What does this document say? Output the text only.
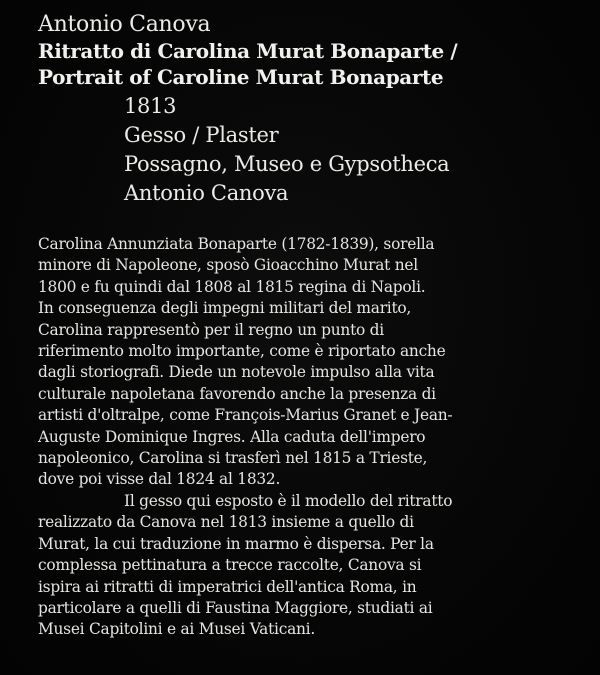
Antonio Canova
Ritratto di Carolina Murat Bonaparte /
Portrait of Caroline Murat Bonaparte
1813
Gesso / Plaster
Possagno, Museo e Gypsotheca
Antonio Canova
Carolina Annunziata Bonaparte (1782-1839), sorella
minore di Napoleone, sposò Gioacchino Murat nel
1800 e fu quindi dal 1808 al 1815 regina di Napoli.
In conseguenza degli impegni militari del marito,
Carolina rappresentò per il regno un punto di
riferimento molto importante, come è riportato anche
dagli storiografi. Diede un notevole impulso alla vita
culturale napoletana favorendo anche la presenza di
artisti d'oltralpe, come François-Marius Granet e Jean-
Auguste Dominique Ingres. Alla caduta dell'impero
napoleonico, Carolina si trasferì nel 1815 a Trieste,
dove poi visse dal 1824 al 1832.
Il gesso qui esposto è il modello del ritratto
realizzato da Canova nel 1813 insieme a quello di
Murat, la cui traduzione in marmo è dispersa. Per la
complessa pettinatura a trecce raccolte, Canova si
ispira ai ritratti di imperatrici dell'antica Roma, in
particolare a quelli di Faustina Maggiore, studiati ai
Musei Capitolini e ai Musei Vaticani.
